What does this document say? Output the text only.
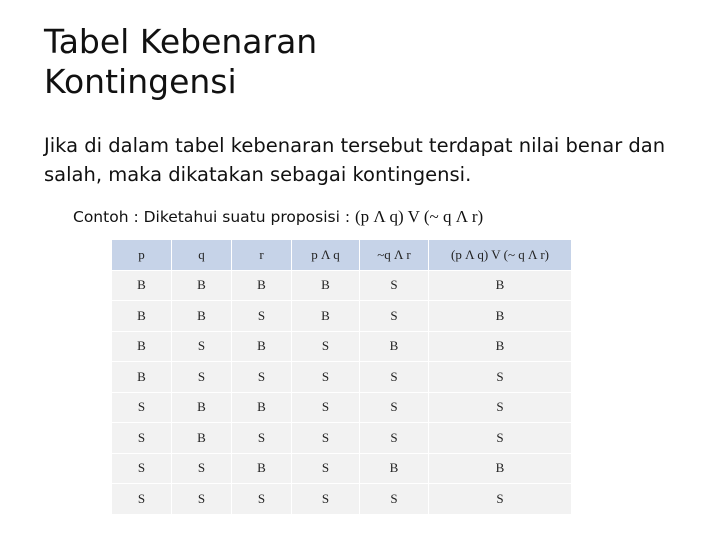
Tabel Kebenaran
Kontingensi
Jika di dalam tabel kebenaran tersebut terdapat nilai benar dan salah, maka dikatakan sebagai kontingensi.
Contoh : Diketahui suatu proposisi : (p Λ q) V (~ q Λ r)
p	q	r	p Λ q	~q Λ r	(p Λ q) V (~ q Λ r)
B	B	B	B	S	B
B	B	S	B	S	B
B	S	B	S	B	B
B	S	S	S	S	S
S	B	B	S	S	S
S	B	S	S	S	S
S	S	B	S	B	B
S	S	S	S	S	S
